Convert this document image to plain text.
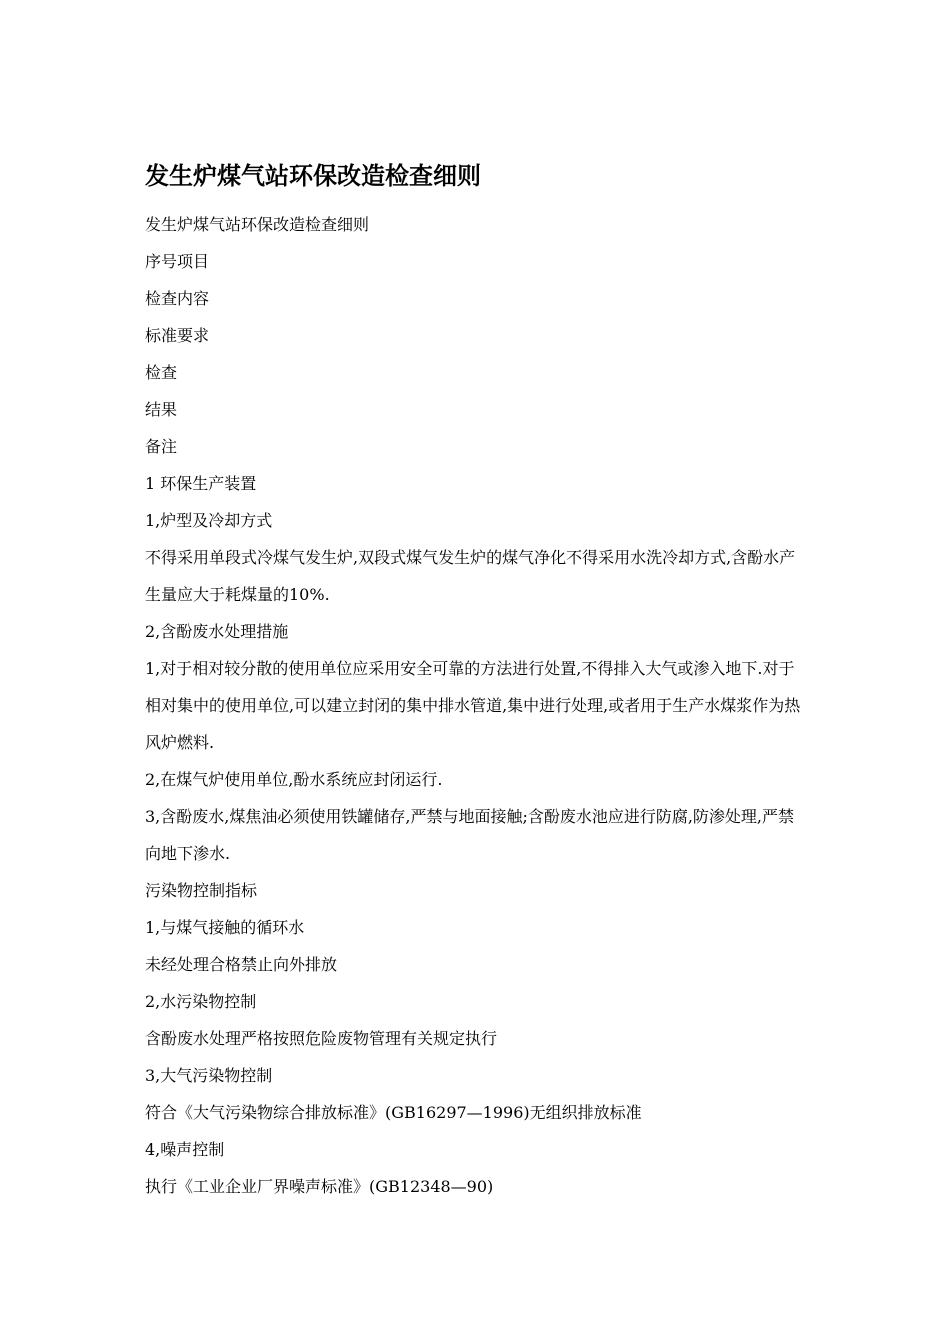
发生炉煤气站环保改造检查细则

发生炉煤气站环保改造检查细则

序号项目

检查内容

标准要求

检查

结果

备注

1 环保生产装置

1,炉型及冷却方式

不得采用单段式冷煤气发生炉,双段式煤气发生炉的煤气净化不得采用水洗冷却方式,含酚水产生量应大于耗煤量的10%.

2,含酚废水处理措施

1,对于相对较分散的使用单位应采用安全可靠的方法进行处置,不得排入大气或渗入地下.对于相对集中的使用单位,可以建立封闭的集中排水管道,集中进行处理,或者用于生产水煤浆作为热风炉燃料.

2,在煤气炉使用单位,酚水系统应封闭运行.

3,含酚废水,煤焦油必须使用铁罐储存,严禁与地面接触;含酚废水池应进行防腐,防渗处理,严禁向地下渗水.

污染物控制指标

1,与煤气接触的循环水

未经处理合格禁止向外排放

2,水污染物控制

含酚废水处理严格按照危险废物管理有关规定执行

3,大气污染物控制

符合《大气污染物综合排放标准》(GB16297—1996)无组织排放标准

4,噪声控制

执行《工业企业厂界噪声标准》(GB12348—90)
